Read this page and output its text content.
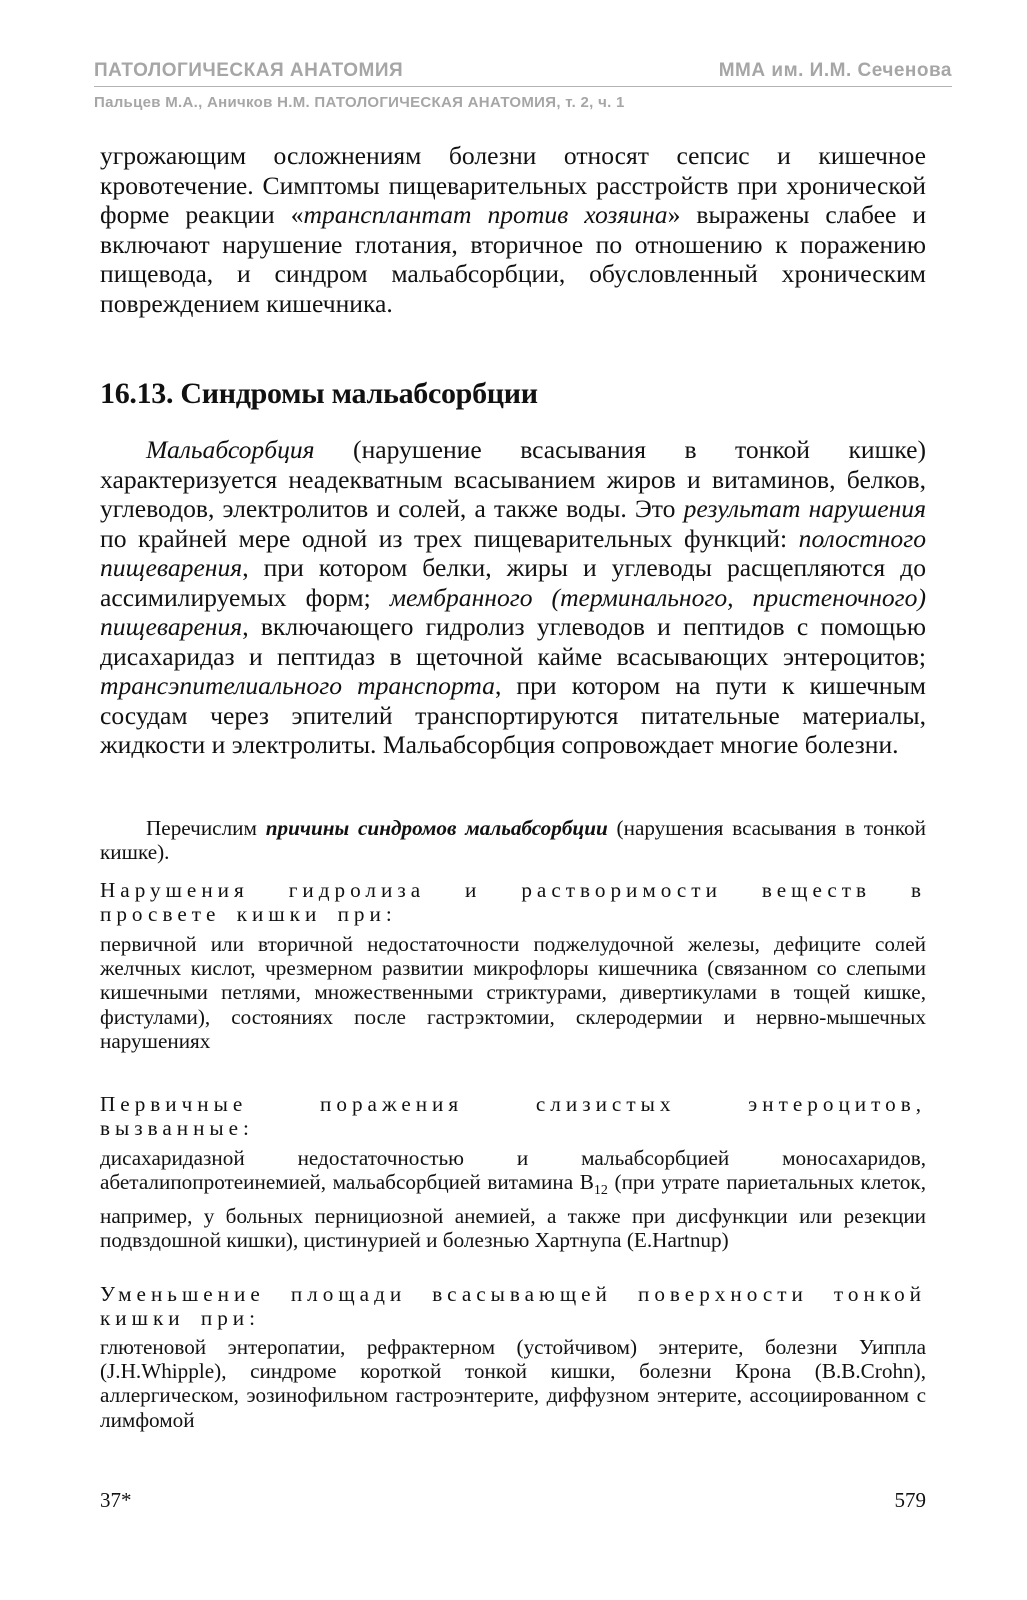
ПАТОЛОГИЧЕСКАЯ АНАТОМИЯ	ММА им. И.М. Сеченова
Пальцев М.А., Аничков Н.М. ПАТОЛОГИЧЕСКАЯ АНАТОМИЯ, т. 2, ч. 1
угрожающим осложнениям болезни относят сепсис и кишечное кровотечение. Симптомы пищеварительных расстройств при хронической форме реакции «трансплантат против хозяина» выражены слабее и включают нарушение глотания, вторичное по отношению к поражению пищевода, и синдром мальабсорбции, обусловленный хроническим повреждением кишечника.
16.13. Синдромы мальабсорбции
Мальабсорбция (нарушение всасывания в тонкой кишке) характеризуется неадекватным всасыванием жиров и витаминов, белков, углеводов, электролитов и солей, а также воды. Это результат нарушения по крайней мере одной из трех пищеварительных функций: полостного пищеварения, при котором белки, жиры и углеводы расщепляются до ассимилируемых форм; мембранного (терминального, пристеночного) пищеварения, включающего гидролиз углеводов и пептидов с помощью дисахаридаз и пептидаз в щеточной кайме всасывающих энтероцитов; трансэпителиального транспорта, при котором на пути к кишечным сосудам через эпителий транспортируются питательные материалы, жидкости и электролиты. Мальабсорбция сопровождает многие болезни.
Перечислим причины синдромов мальабсорбции (нарушения всасывания в тонкой кишке).
Нарушения гидролиза и растворимости веществ в просвете кишки при:
первичной или вторичной недостаточности поджелудочной железы, дефиците солей желчных кислот, чрезмерном развитии микрофлоры кишечника (связанном со слепыми кишечными петлями, множественными стриктурами, дивертикулами в тощей кишке, фистулами), состояниях после гастрэктомии, склеродермии и нервно-мышечных нарушениях
Первичные поражения слизистых энтероцитов, вызванные:
дисахаридазной недостаточностью и мальабсорбцией моносахаридов, абеталипопротеинемией, мальабсорбцией витамина $B_{12}$ (при утрате париетальных клеток, например, у больных пернициозной анемией, а также при дисфункции или резекции подвздошной кишки), цистинурией и болезнью Хартнупа (E.Hartnup)
Уменьшение площади всасывающей поверхности тонкой кишки при:
глютеновой энтеропатии, рефрактерном (устойчивом) энтерите, болезни Уиппла (J.H.Whipple), синдроме короткой тонкой кишки, болезни Крона (B.B.Crohn), аллергическом, эозинофильном гастроэнтерите, диффузном энтерите, ассоциированном с лимфомой
37*	579
